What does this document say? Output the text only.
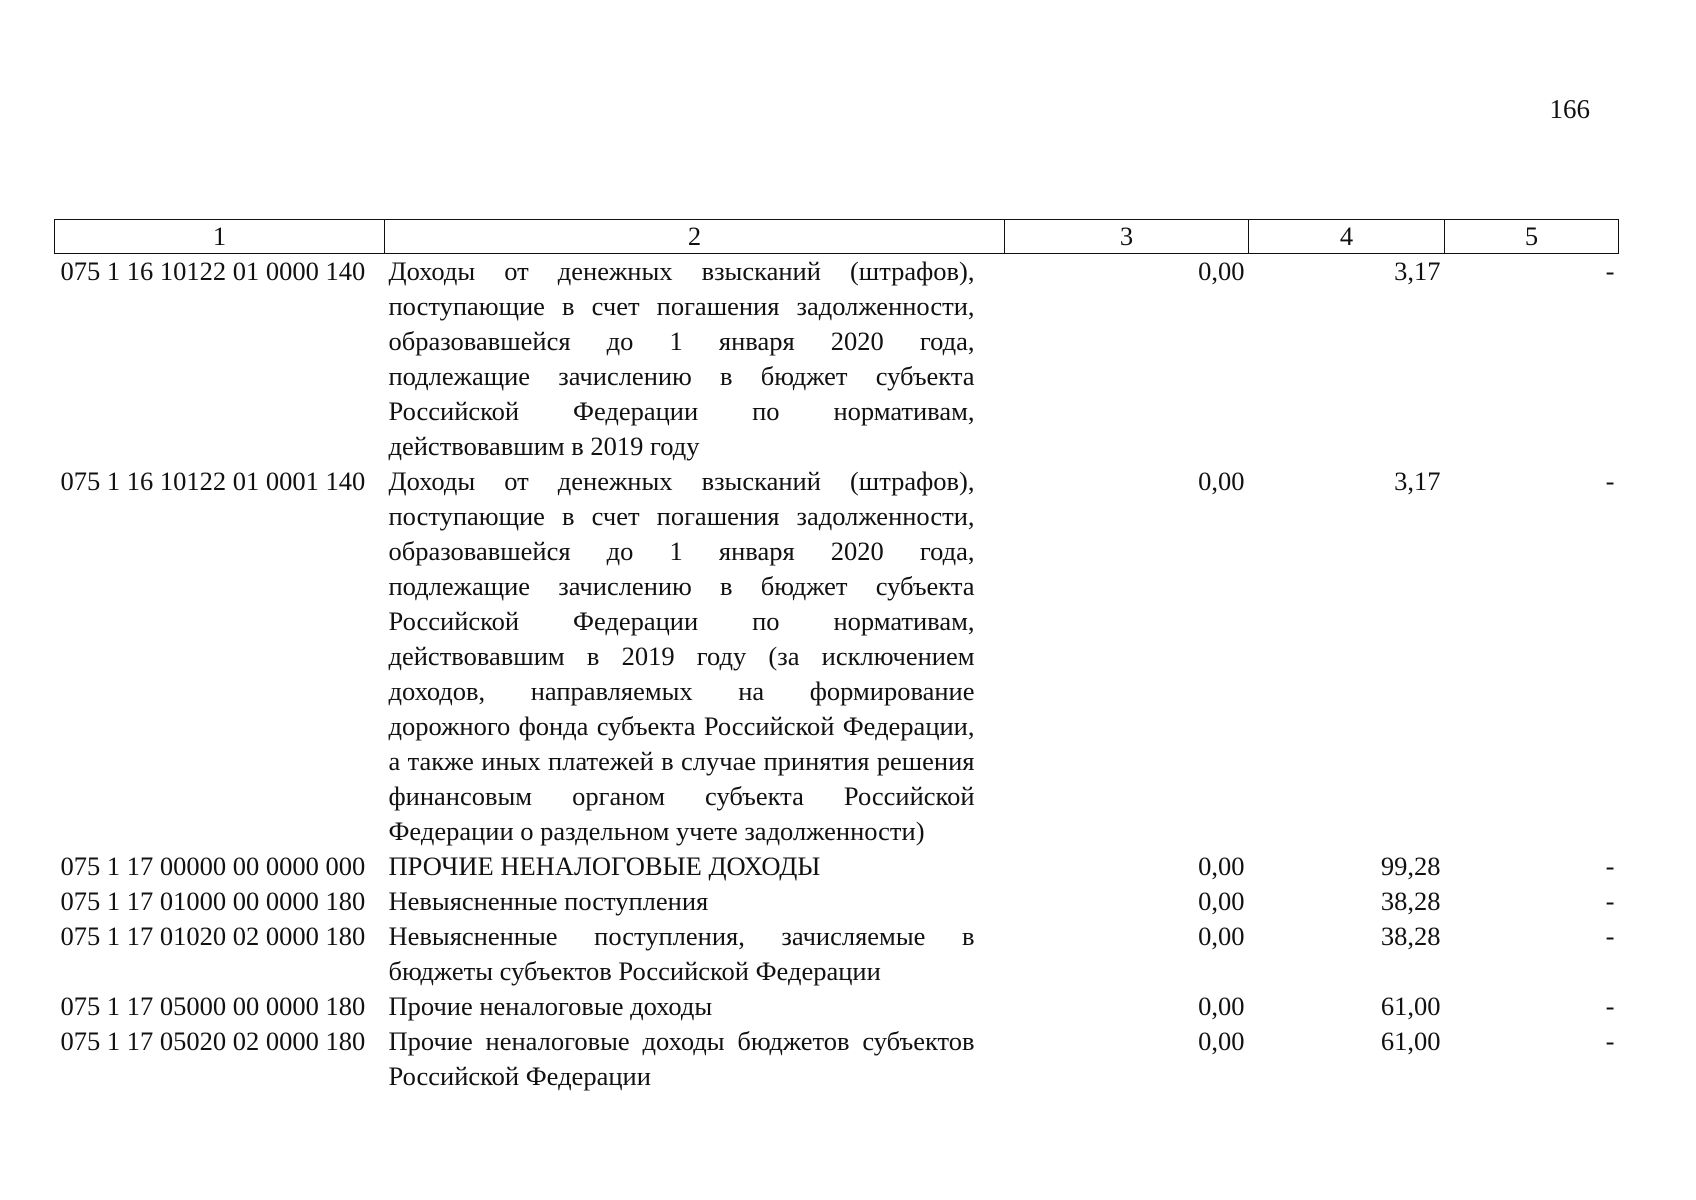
166
1	2	3	4	5
075 1 16 10122 01 0000 140	Доходы от денежных взысканий (штрафов), поступающие в счет погашения задолженности, образовавшейся до 1 января 2020 года, подлежащие зачислению в бюджет субъекта Российской Федерации по нормативам, действовавшим в 2019 году	0,00	3,17	-
075 1 16 10122 01 0001 140	Доходы от денежных взысканий (штрафов), поступающие в счет погашения задолженности, образовавшейся до 1 января 2020 года, подлежащие зачислению в бюджет субъекта Российской Федерации по нормативам, действовавшим в 2019 году (за исключением доходов, направляемых на формирование дорожного фонда субъекта Российской Федерации, а также иных платежей в случае принятия решения финансовым органом субъекта Российской Федерации о раздельном учете задолженности)	0,00	3,17	-
075 1 17 00000 00 0000 000	ПРОЧИЕ НЕНАЛОГОВЫЕ ДОХОДЫ	0,00	99,28	-
075 1 17 01000 00 0000 180	Невыясненные поступления	0,00	38,28	-
075 1 17 01020 02 0000 180	Невыясненные поступления, зачисляемые в бюджеты субъектов Российской Федерации	0,00	38,28	-
075 1 17 05000 00 0000 180	Прочие неналоговые доходы	0,00	61,00	-
075 1 17 05020 02 0000 180	Прочие неналоговые доходы бюджетов субъектов Российской Федерации	0,00	61,00	-
